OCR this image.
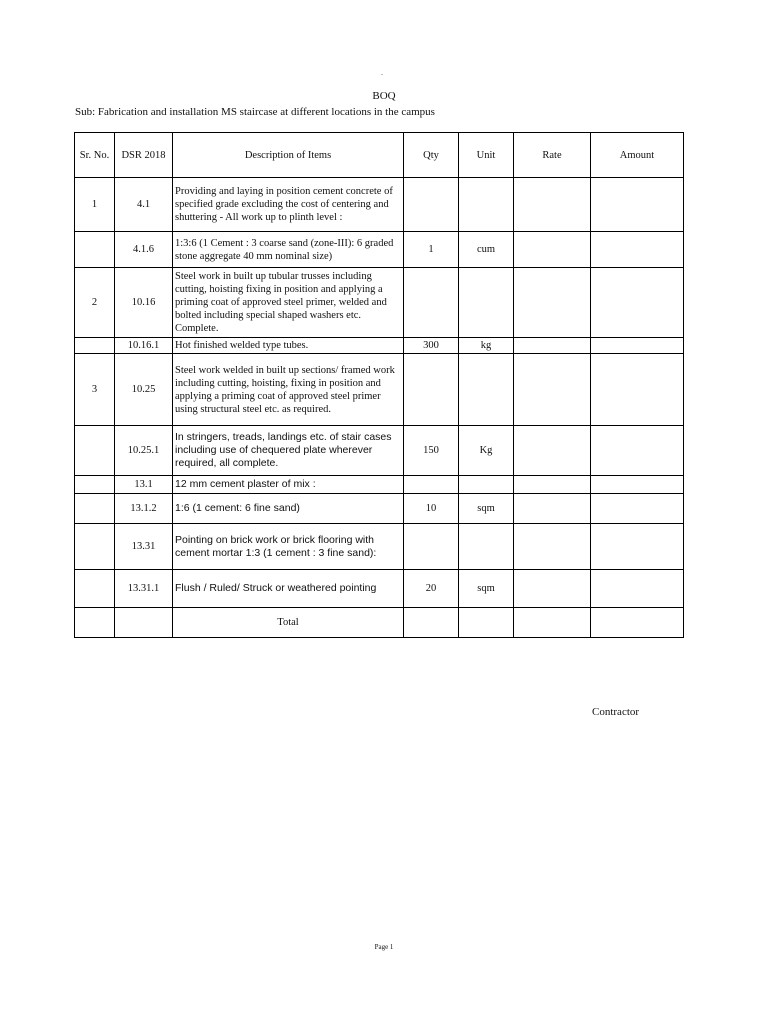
.
BOQ
Sub: Fabrication and installation MS staircase at different locations in the campus
Sr. No.	DSR 2018	Description of Items	Qty	Unit	Rate	Amount
1	4.1	Providing and laying in position cement concrete of specified grade excluding the cost of centering and shuttering - All work up to plinth level :				
	4.1.6	1:3:6 (1 Cement : 3 coarse sand (zone-III): 6 graded stone aggregate 40 mm nominal size)	1	cum		
2	10.16	Steel work in built up tubular trusses including cutting, hoisting fixing in position and applying a priming coat of approved steel primer, welded and bolted including special shaped washers etc. Complete.				
	10.16.1	Hot finished welded type tubes.	300	kg		
3	10.25	Steel work welded in built up sections/ framed work including cutting, hoisting, fixing in position and applying a priming coat of approved steel primer using structural steel etc. as required.				
	10.25.1	In stringers, treads, landings etc. of stair cases including use of chequered plate wherever required, all complete.	150	Kg		
	13.1	12 mm cement plaster of mix :				
	13.1.2	1:6 (1 cement: 6 fine sand)	10	sqm		
	13.31	Pointing on brick work or brick flooring with cement mortar 1:3 (1 cement : 3 fine sand):				
	13.31.1	Flush / Ruled/ Struck or weathered pointing	20	sqm		
		Total				
Contractor
Page 1
